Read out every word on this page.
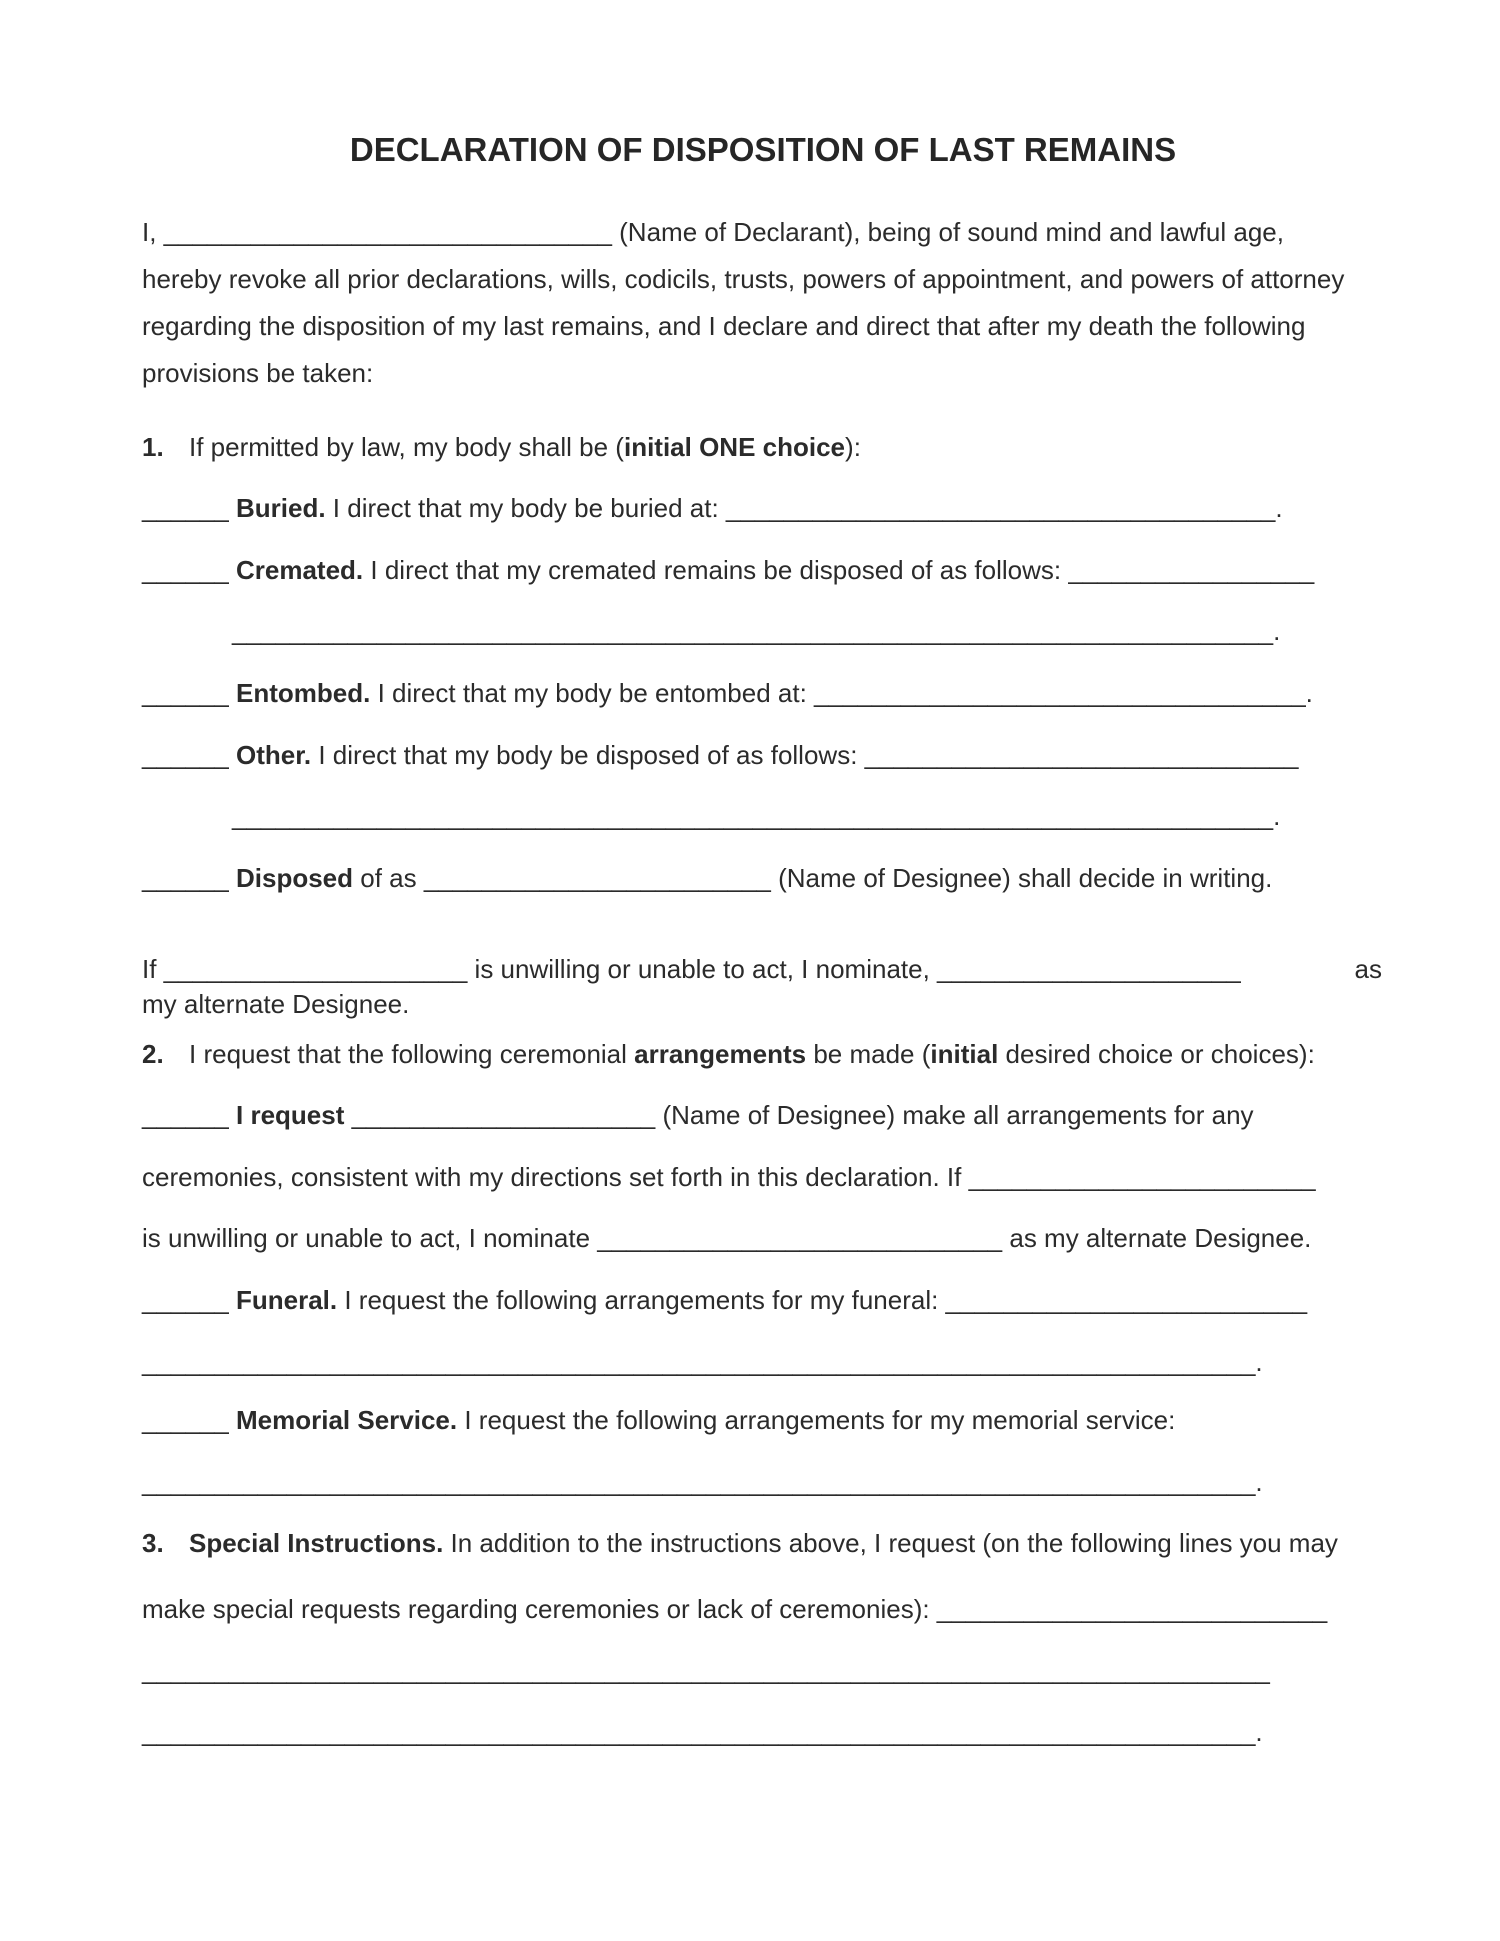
DECLARATION OF DISPOSITION OF LAST REMAINS
I, _______________________________ (Name of Declarant), being of sound mind and lawful age,
hereby revoke all prior declarations, wills, codicils, trusts, powers of appointment, and powers of attorney
regarding the disposition of my last remains, and I declare and direct that after my death the following
provisions be taken:
1. If permitted by law, my body shall be (initial ONE choice):
______ Buried. I direct that my body be buried at: ______________________________________.
______ Cremated. I direct that my cremated remains be disposed of as follows: _________________
________________________________________________________________________.
______ Entombed. I direct that my body be entombed at: __________________________________.
______ Other. I direct that my body be disposed of as follows: ______________________________
________________________________________________________________________.
______ Disposed of as ________________________ (Name of Designee) shall decide in writing.
If _____________________ is unwilling or unable to act, I nominate, _____________________	as
my alternate Designee.
2. I request that the following ceremonial arrangements be made (initial desired choice or choices):
______ I request _____________________ (Name of Designee) make all arrangements for any
ceremonies, consistent with my directions set forth in this declaration. If ________________________
is unwilling or unable to act, I nominate ____________________________ as my alternate Designee.
______ Funeral. I request the following arrangements for my funeral: _________________________
_____________________________________________________________________________.
______ Memorial Service. I request the following arrangements for my memorial service:
_____________________________________________________________________________.
3. Special Instructions. In addition to the instructions above, I request (on the following lines you may
make special requests regarding ceremonies or lack of ceremonies): ___________________________
______________________________________________________________________________
_____________________________________________________________________________.
